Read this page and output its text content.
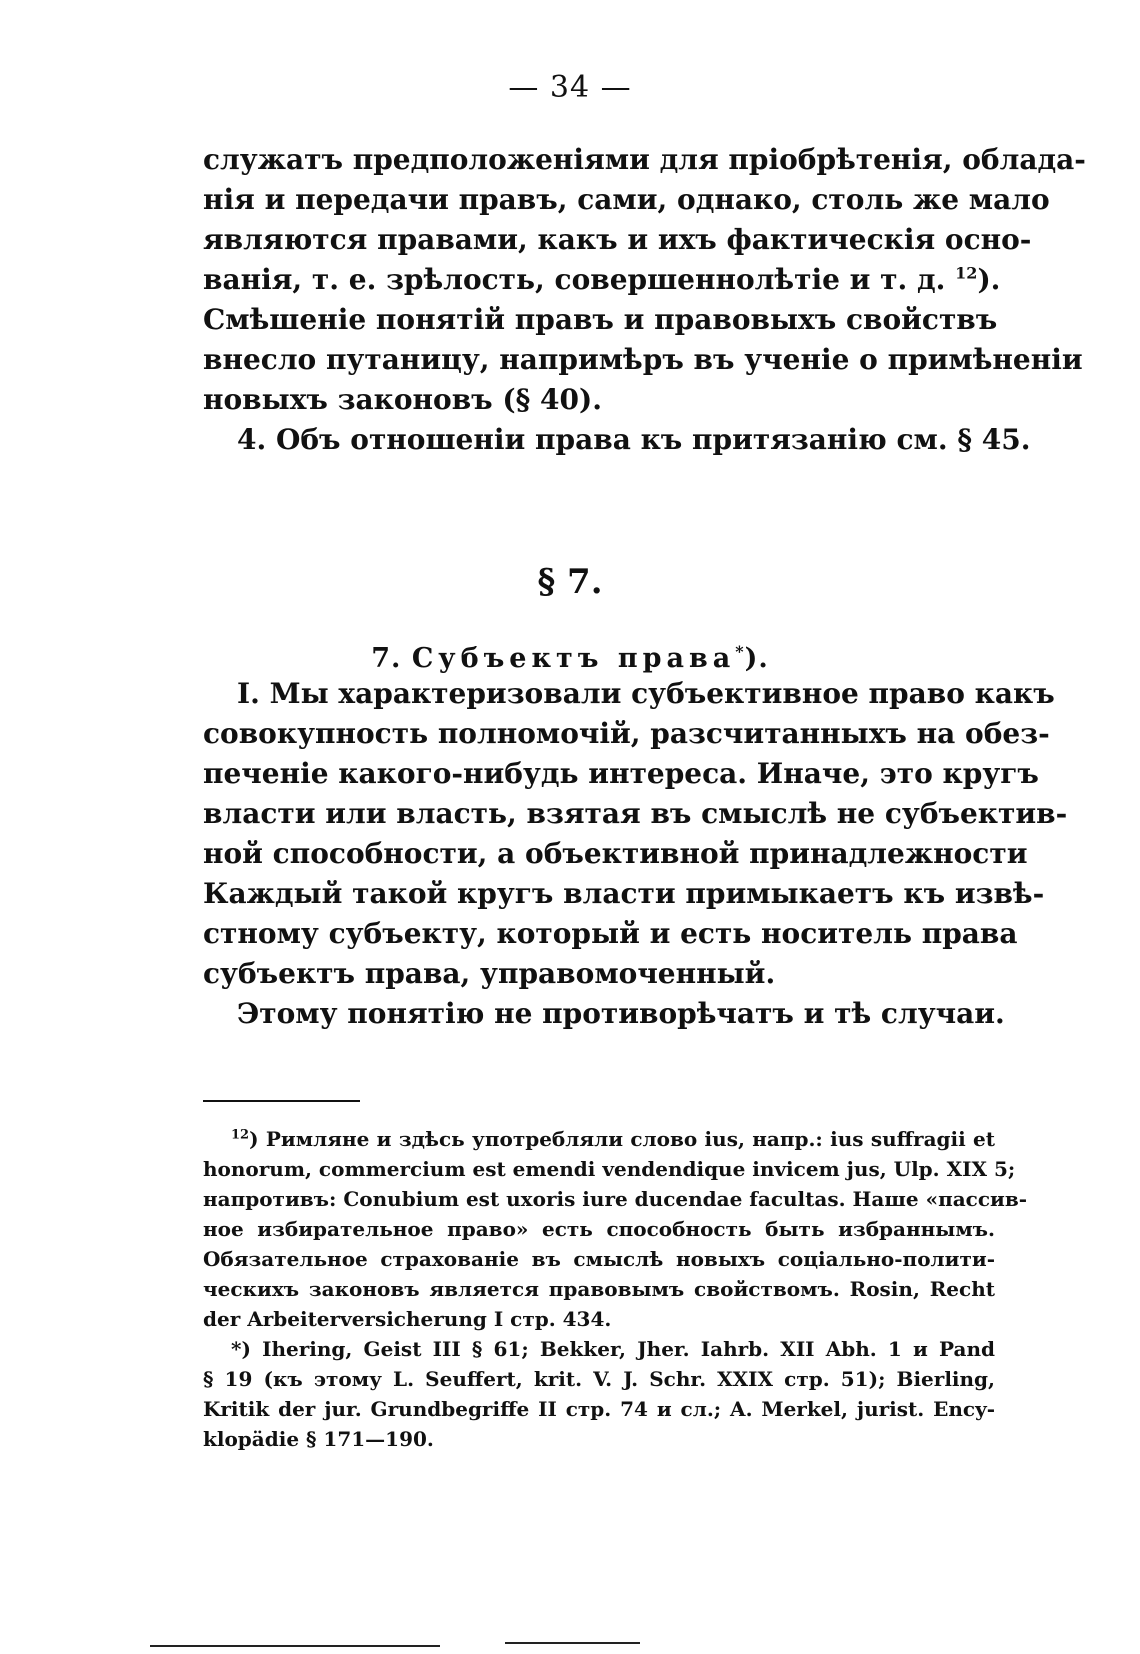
— 34 —
служатъ предположеніями для пріобрѣтенія, облада-
нія и передачи правъ, сами, однако, столь же мало
являются правами, какъ и ихъ фактическія осно-
ванія, т. е. зрѣлость, совершеннолѣтіе и т. д. $^{12}$).
Смѣшеніе понятій правъ и правовыхъ свойствъ
внесло путаницу, напримѣръ въ ученіе о примѣненіи
новыхъ законовъ (§ 40).
4. Объ отношеніи права къ притязанію см. § 45.
§ 7.
7. Субъектъ права*).
I. Мы характеризовали субъективное право какъ
совокупность полномочій, разсчитанныхъ на обез-
печеніе какого-нибудь интереса. Иначе, это кругъ
власти или власть, взятая въ смыслѣ не субъектив-
ной способности, а объективной принадлежности
Каждый такой кругъ власти примыкаетъ къ извѣ-
стному субъекту, который и есть носитель права
субъектъ права, управомоченный.
Этому понятію не противорѣчатъ и тѣ случаи.
$^{12}$) Римляне и здѣсь употребляли слово ius, напр.: ius suffragii et
honorum, commercium est emendi vendendique invicem jus, Ulp. XIX 5;
напротивъ: Conubium est uxoris iure ducendae facultas. Наше «пассив-
ное избирательное право» есть способность быть избраннымъ.
Обязательное страхованіе въ смыслѣ новыхъ соціально-полити-
ческихъ законовъ является правовымъ свойствомъ. Rosin, Recht
der Arbeiterversicherung I стр. 434.
*) Ihering, Geist III § 61; Bekker, Jher. Iahrb. XII Abh. 1 и Pand
§ 19 (къ этому L. Seuffert, krit. V. J. Schr. XXIX стр. 51); Bierling,
Kritik der jur. Grundbegriffe II стр. 74 и сл.; A. Merkel, jurist. Ency-
klopädie § 171—190.
